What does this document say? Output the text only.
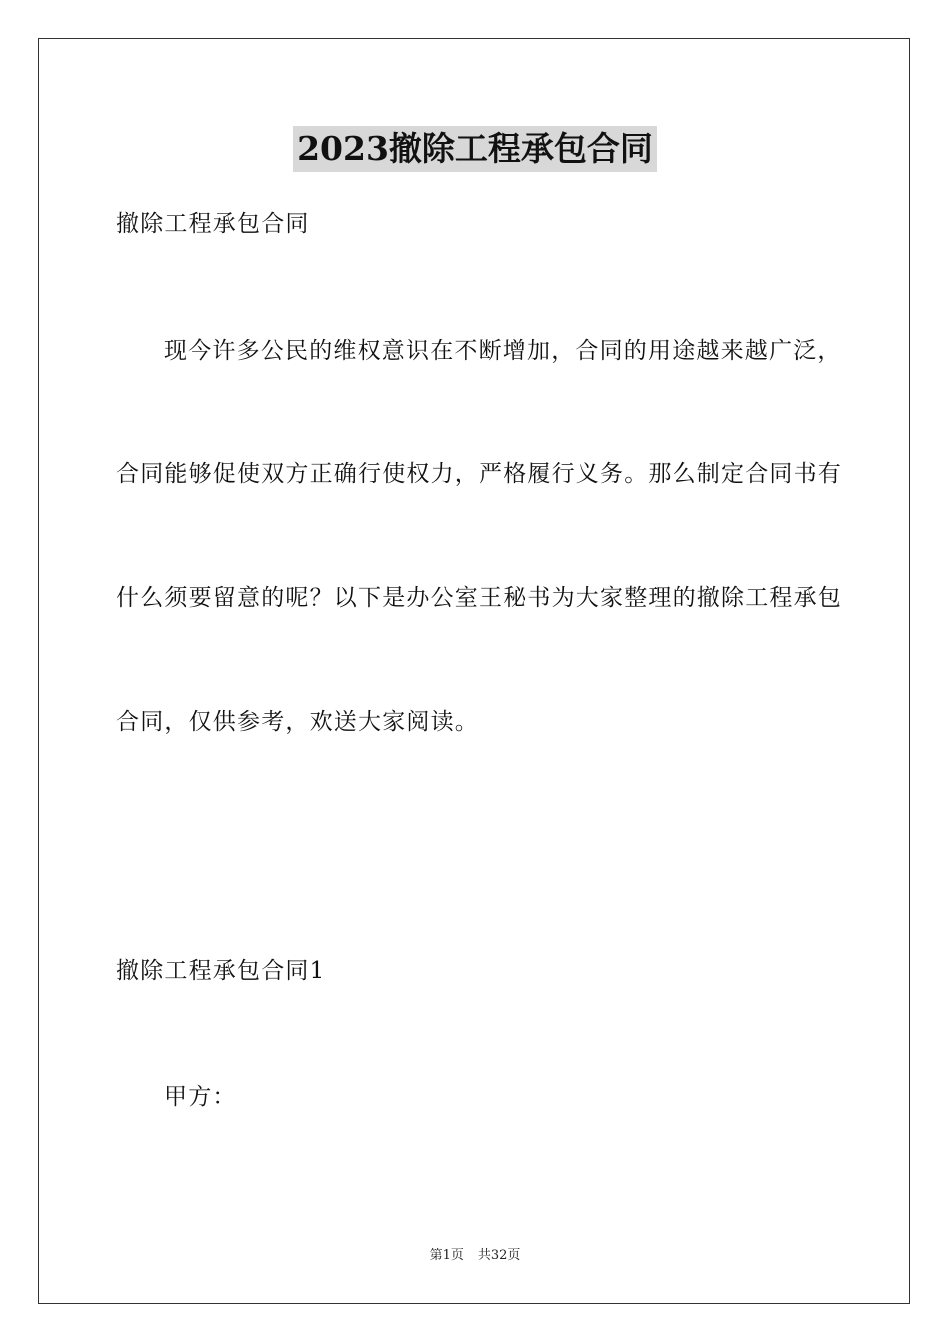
2023撤除工程承包合同

撤除工程承包合同

现今许多公民的维权意识在不断增加，合同的用途越来越广泛，

合同能够促使双方正确行使权力，严格履行义务。那么制定合同书有

什么须要留意的呢？以下是办公室王秘书为大家整理的撤除工程承包

合同，仅供参考，欢送大家阅读。

撤除工程承包合同1

甲方：

第1页 共32页
